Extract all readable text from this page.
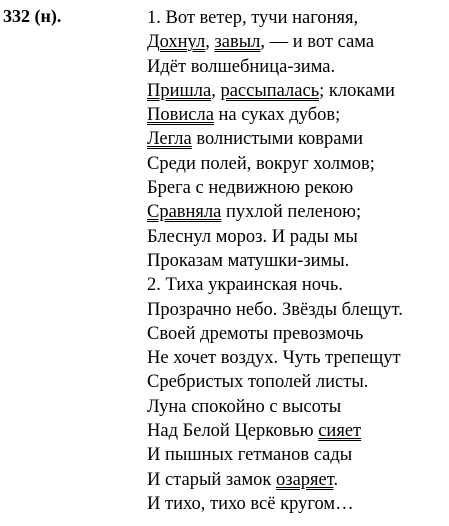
332 (н).	1. Вот ветер, тучи нагоняя,
Дохнул, завыл, — и вот сама
Идёт волшебница-зима.
Пришла, рассыпалась; клоками
Повисла на суках дубов;
Легла волнистыми коврами
Среди полей, вокруг холмов;
Брега с недвижною рекою
Сравняла пухлой пеленою;
Блеснул мороз. И рады мы
Проказам матушки-зимы.
2. Тиха украинская ночь.
Прозрачно небо. Звёзды блещут.
Своей дремоты превозмочь
Не хочет воздух. Чуть трепещут
Сребристых тополей листы.
Луна спокойно с высоты
Над Белой Церковью сияет
И пышных гетманов сады
И старый замок озаряет.
И тихо, тихо всё кругом…
